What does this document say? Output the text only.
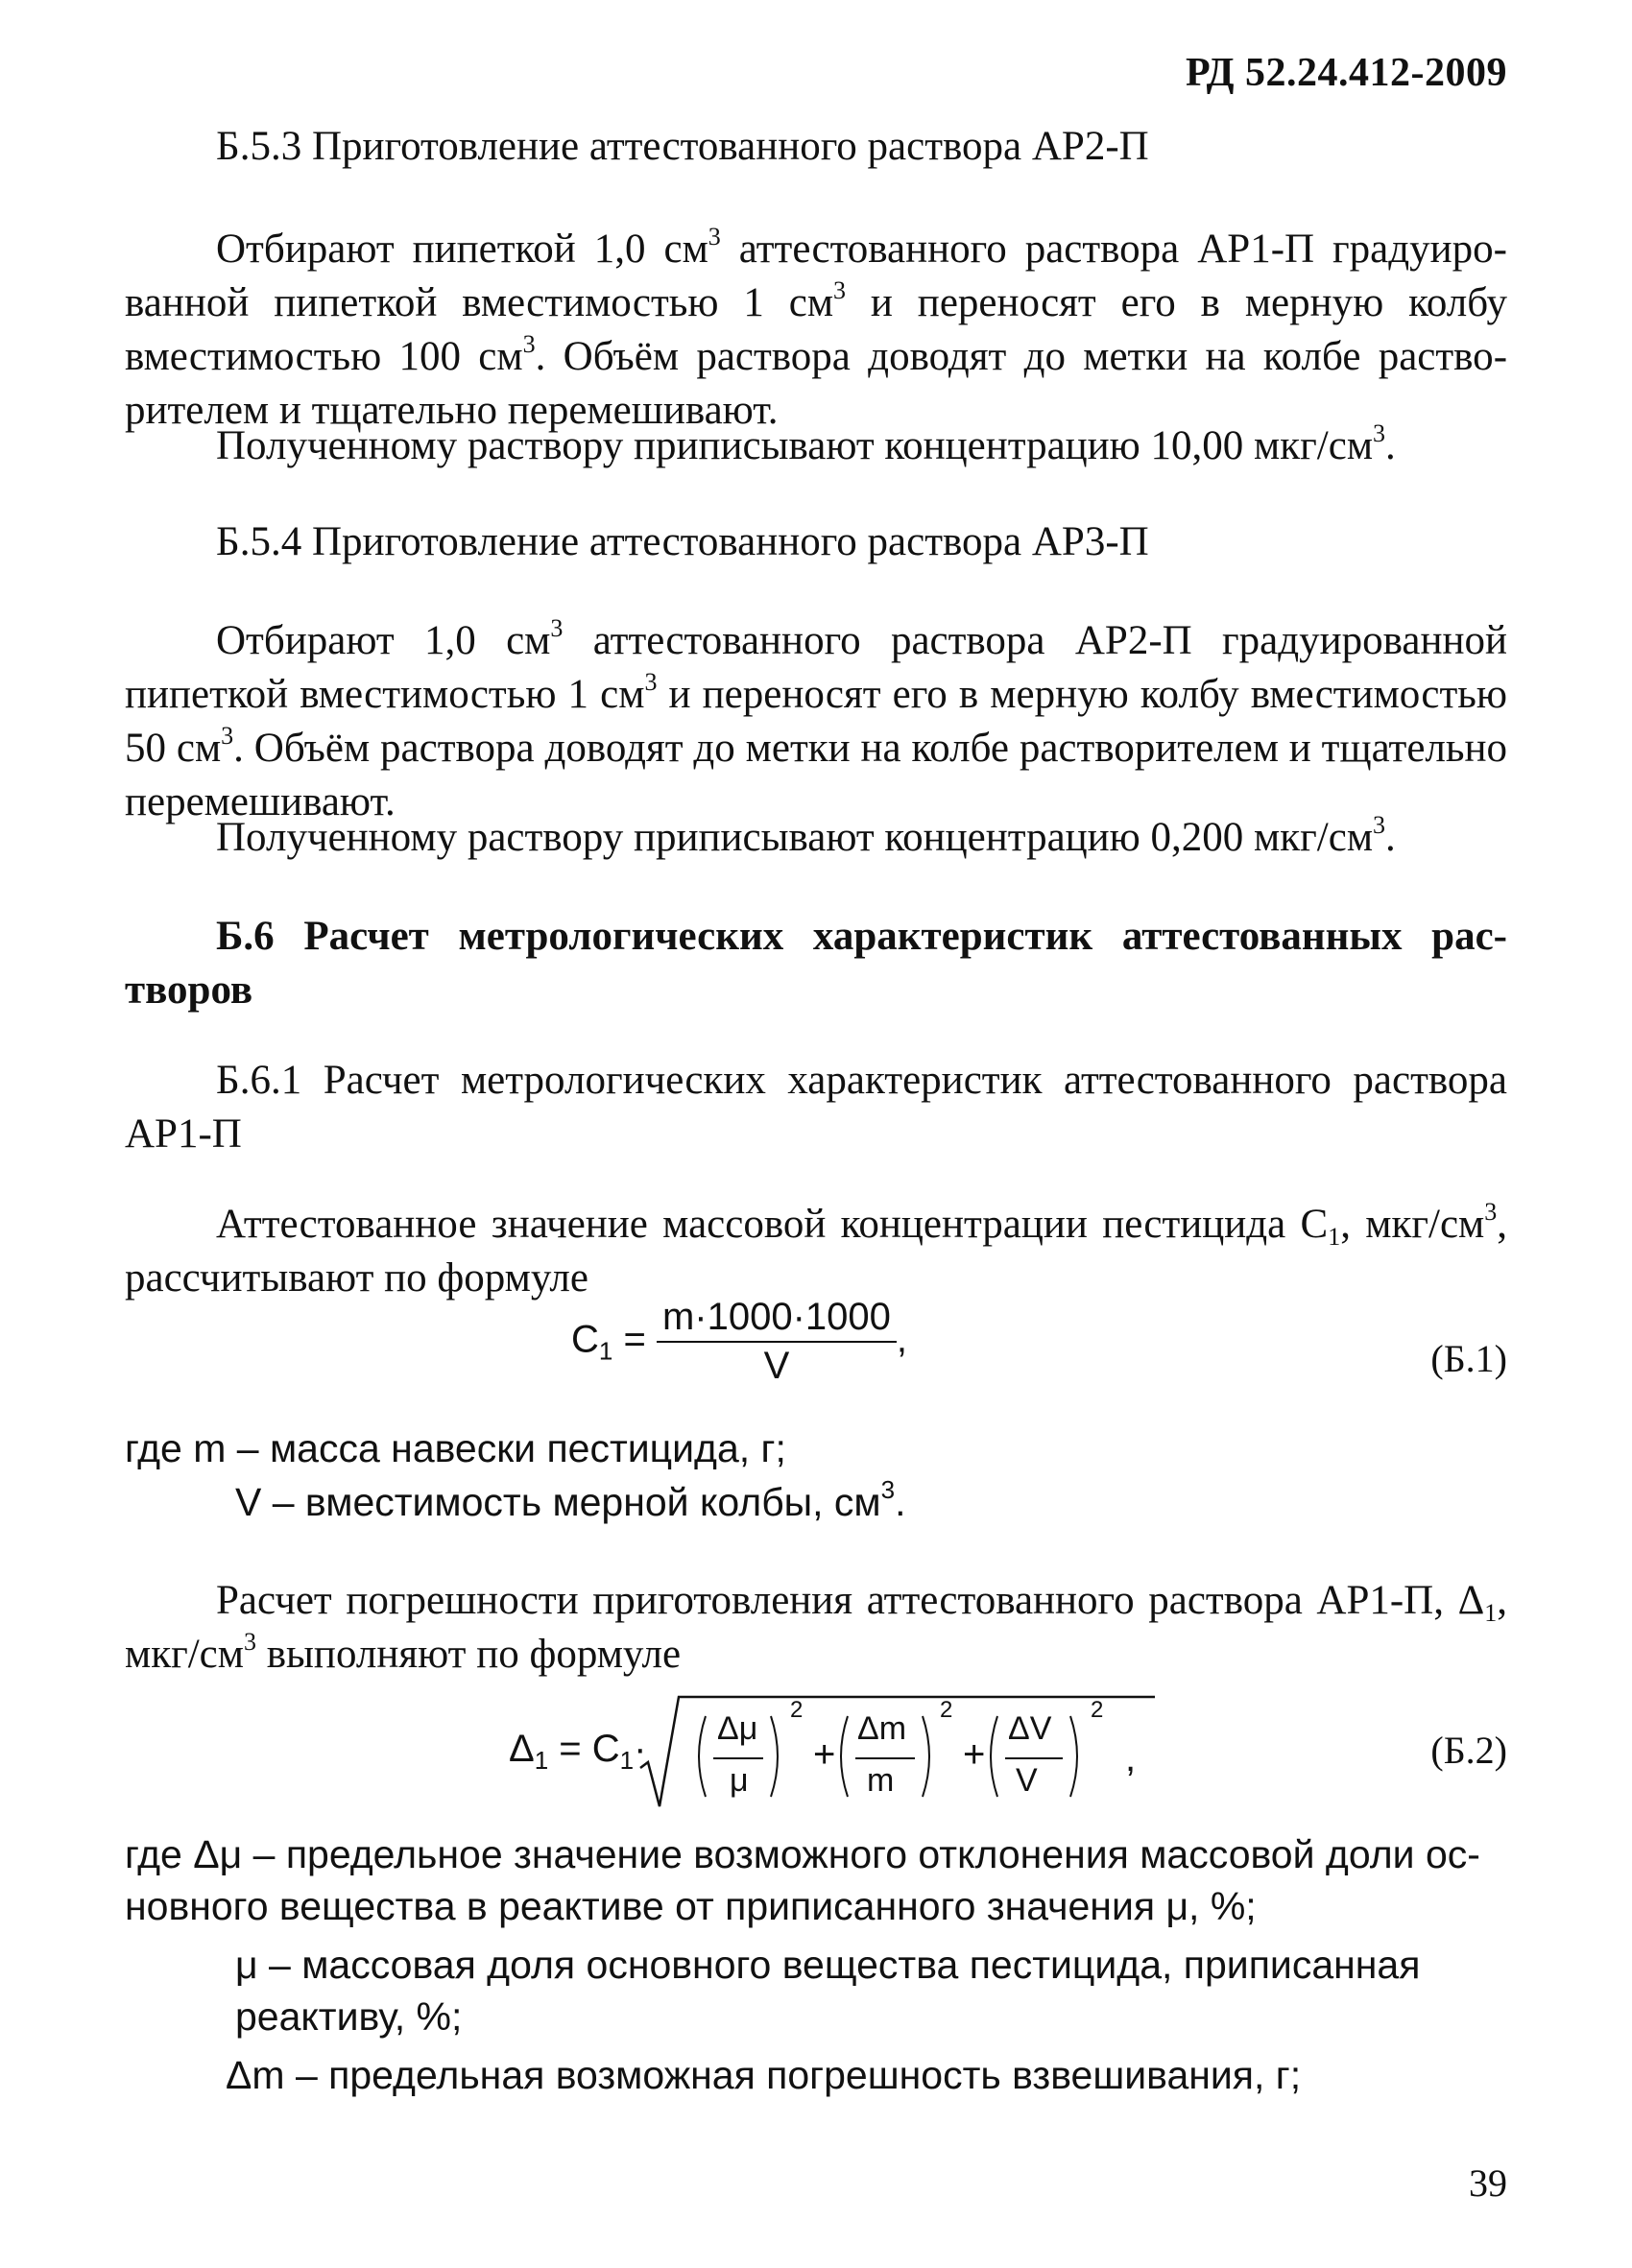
РД 52.24.412-2009
Б.5.3 Приготовление аттестованного раствора АР2-П
Отбирают пипеткой 1,0 $см^3$ аттестованного раствора АР1-П градуированной пипеткой вместимостью 1 $см^3$ и переносят его в мерную колбу вместимостью 100 $см^3$. Объём раствора доводят до метки на колбе растворителем и тщательно перемешивают.
Полученному раствору приписывают концентрацию 10,00 мкг/$см^3$.
Б.5.4 Приготовление аттестованного раствора АР3-П
Отбирают 1,0 $см^3$ аттестованного раствора АР2-П градуированной пипеткой вместимостью 1 $см^3$ и переносят его в мерную колбу вместимостью 50 $см^3$. Объём раствора доводят до метки на колбе растворителем и тщательно перемешивают.
Полученному раствору приписывают концентрацию 0,200 мкг/$см^3$.
Б.6 Расчет метрологических характеристик аттестованных растворов
Б.6.1 Расчет метрологических характеристик аттестованного раствора АР1-П
Аттестованное значение массовой концентрации пестицида $С_1$, мкг/$см^3$, рассчитывают по формуле
$C_1 = \frac{m\cdot 1000\cdot 1000}{V}$ ,	(Б.1)
где m – масса навески пестицида, г;
V – вместимость мерной колбы, $см^3$.
Расчет погрешности приготовления аттестованного раствора АР1-П, $\Delta_1$, мкг/$см^3$ выполняют по формуле
$\Delta_1 = C_1\cdot \Delta\mu$
μ
2
+
Δm
m
2
+
ΔV
V
2
,	(Б.2)
где Δμ – предельное значение возможного отклонения массовой доли основного вещества в реактиве от приписанного значения μ, %;
μ – массовая доля основного вещества пестицида, приписанная реактиву, %;
Δm – предельная возможная погрешность взвешивания, г;
39
